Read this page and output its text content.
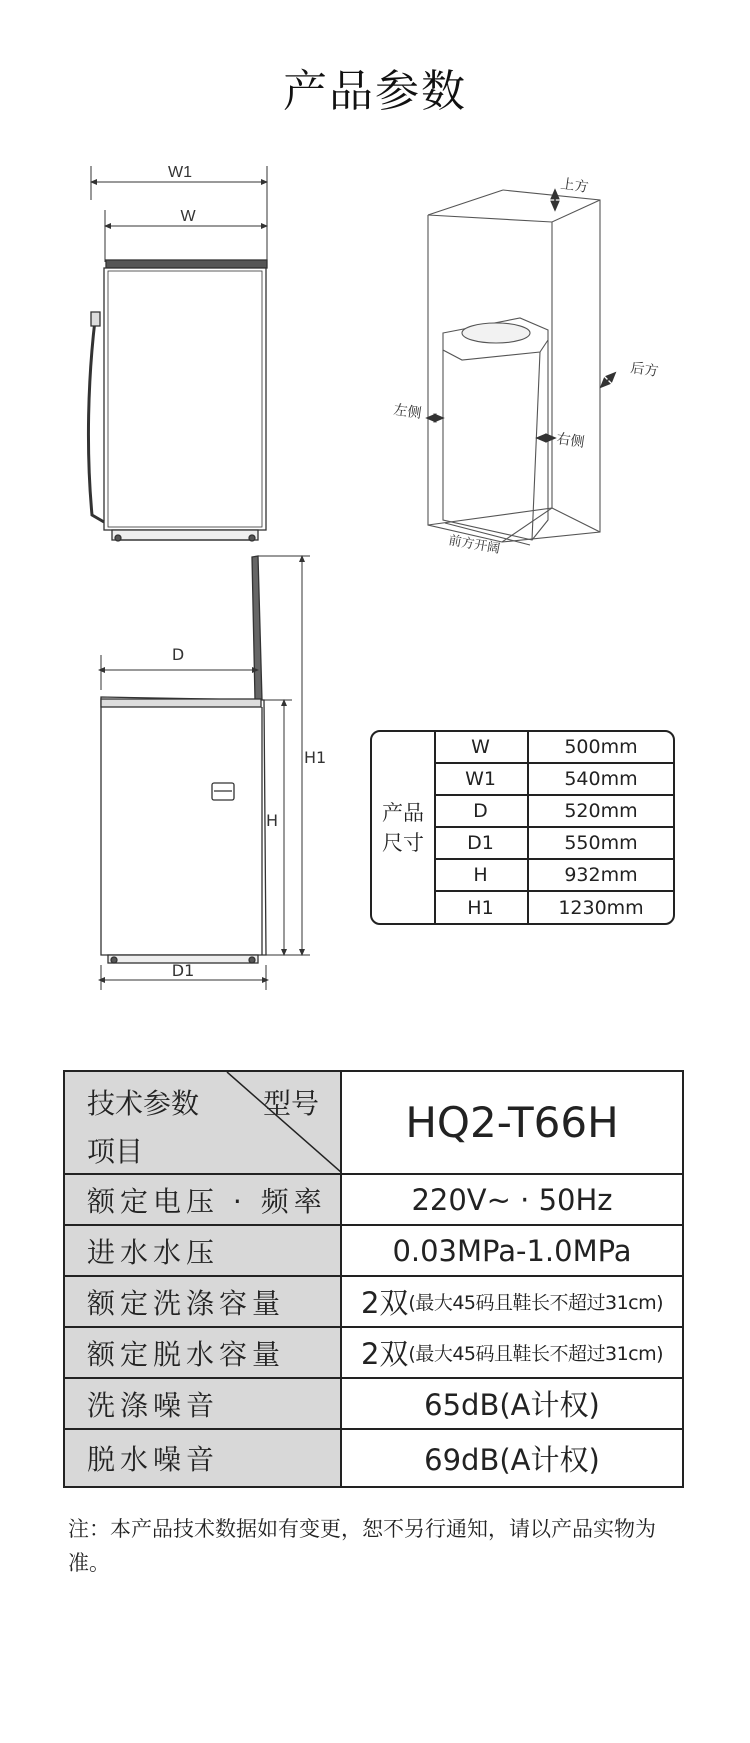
产品参数
W1
W
上方
后方
左侧
右侧
前方开阔
D
D1
H
H1
产品
尺寸
W	500mm
W1	540mm
D	520mm
D1	550mm
H	932mm
H1	1230mm
技术参数 型号
项目
HQ2-T66H
额定电压 · 频率	220V~ · 50Hz
进水水压	0.03MPa-1.0MPa
额定洗涤容量	2双 (最大45码且鞋长不超过31cm)
额定脱水容量	2双 (最大45码且鞋长不超过31cm)
洗涤噪音	65dB(A计权)
脱水噪音	69dB(A计权)
注：本产品技术数据如有变更，恕不另行通知，请以产品实物为准。
